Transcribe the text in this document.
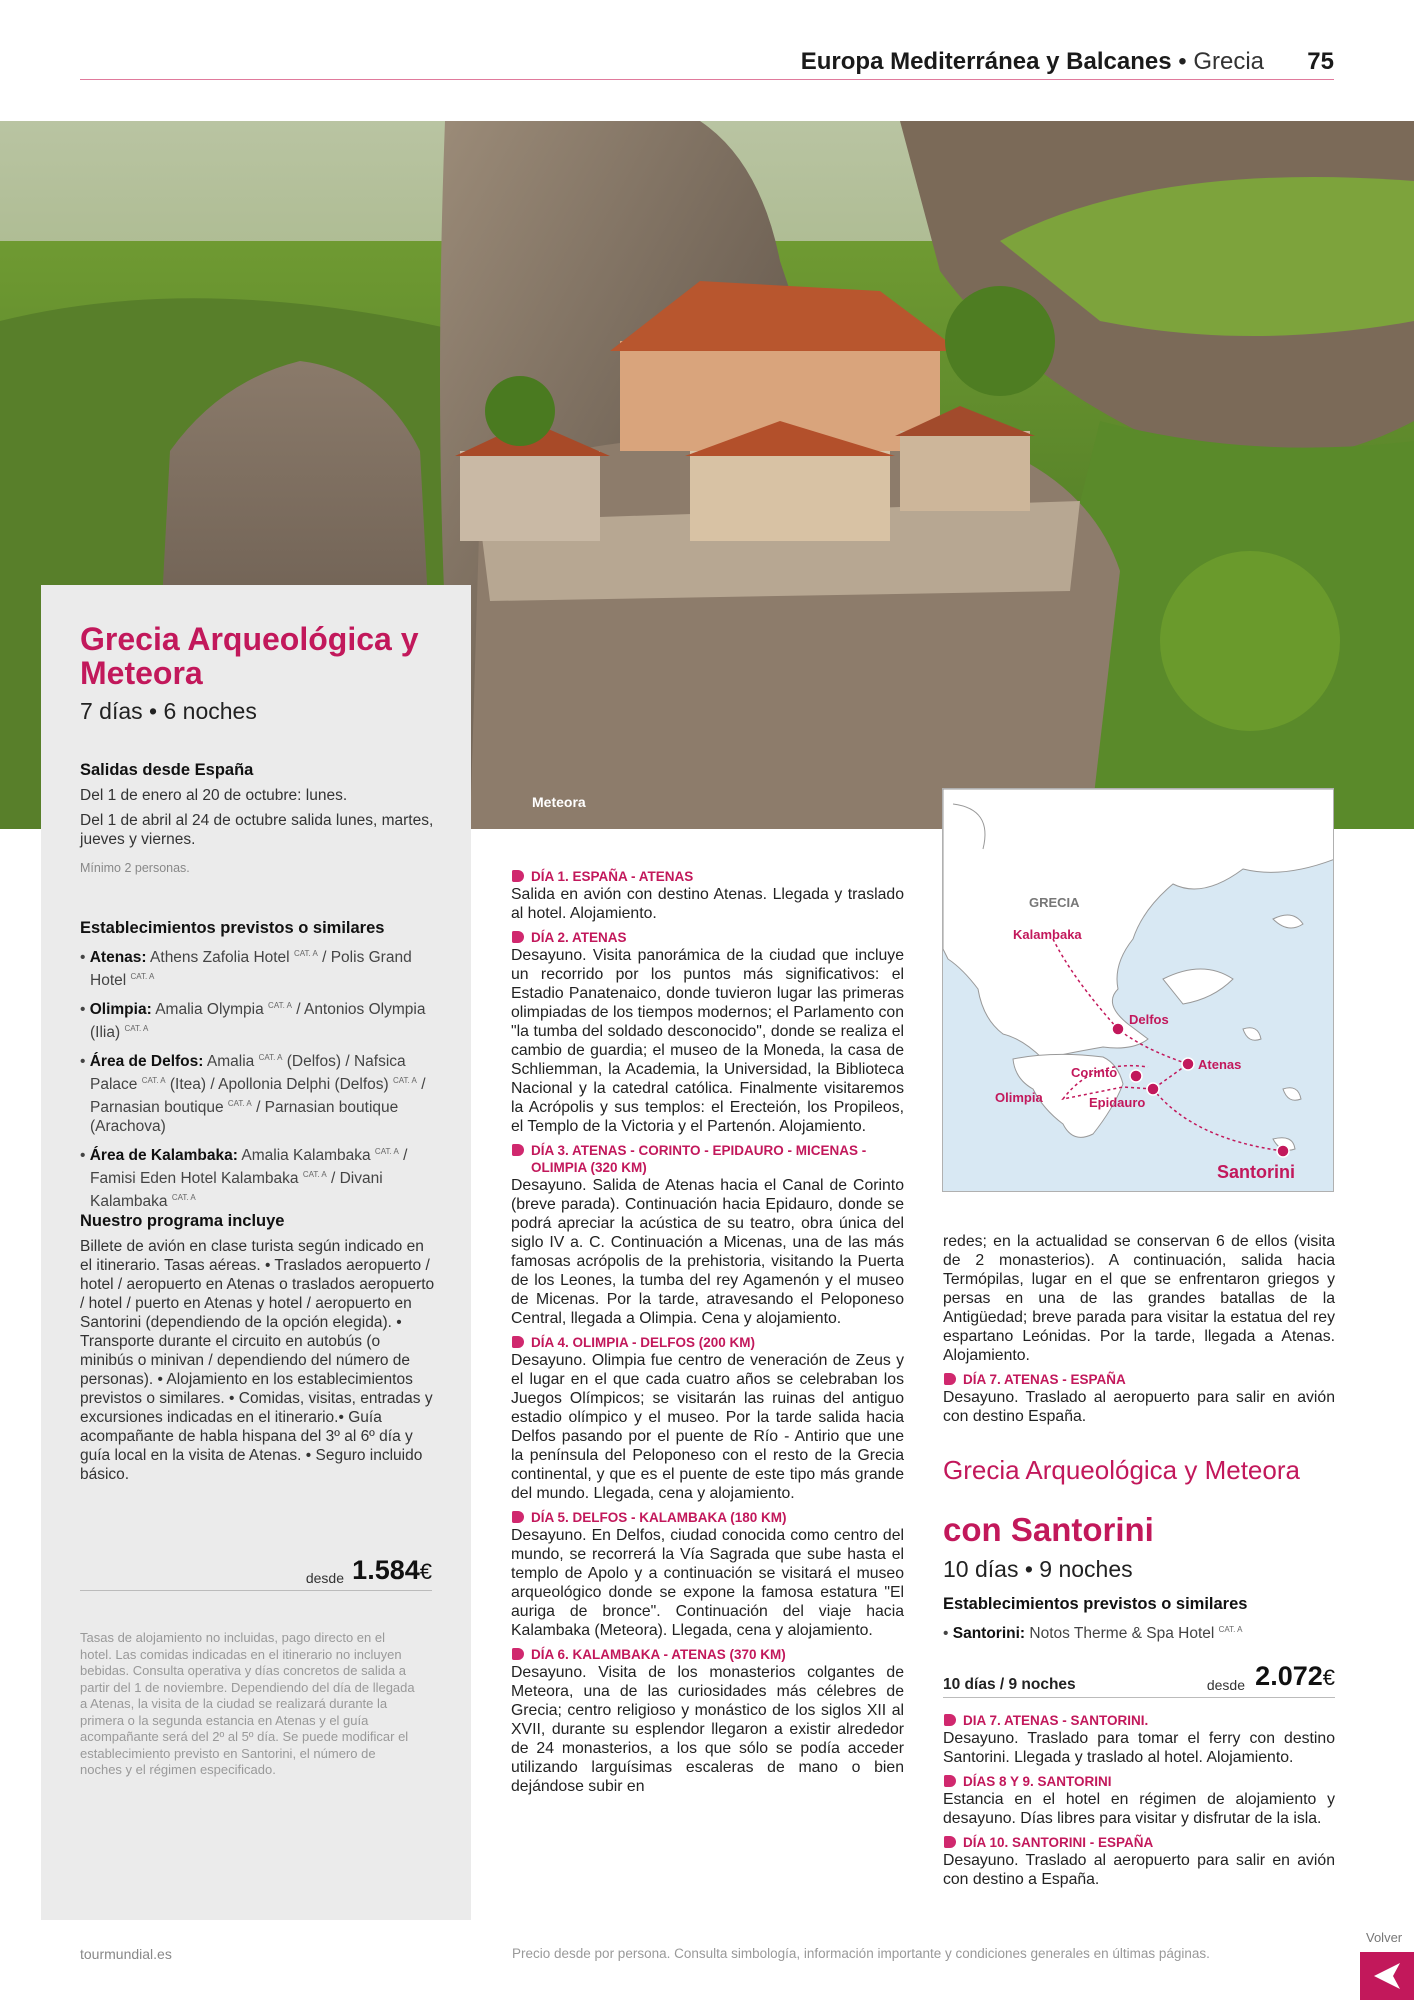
Europa Mediterránea y Balcanes • Grecia 75
Meteora
Grecia Arqueológica y Meteora
7 días • 6 noches
Salidas desde España
Del 1 de enero al 20 de octubre: lunes.
Del 1 de abril al 24 de octubre salida lunes, martes, jueves y viernes.
Mínimo 2 personas.
Establecimientos previstos o similares
• Atenas: Athens Zafolia Hotel $^{CAT. A}$ / Polis Grand Hotel $^{CAT. A}$
• Olimpia: Amalia Olympia $^{CAT. A}$ / Antonios Olympia (Ilia) $^{CAT. A}$
• Área de Delfos: Amalia $^{CAT. A}$ (Delfos) / Nafsica Palace $^{CAT. A}$ (Itea) / Apollonia Delphi (Delfos) $^{CAT. A}$ / Parnasian boutique $^{CAT. A}$ / Parnasian boutique (Arachova)
• Área de Kalambaka: Amalia Kalambaka $^{CAT. A}$ / Famisi Eden Hotel Kalambaka $^{CAT. A}$ / Divani Kalambaka $^{CAT. A}$
Nuestro programa incluye
Billete de avión en clase turista según indicado en el itinerario. Tasas aéreas. • Traslados aeropuerto / hotel / aeropuerto en Atenas o traslados aeropuerto / hotel / puerto en Atenas y hotel / aeropuerto en Santorini (dependiendo de la opción elegida). • Transporte durante el circuito en autobús (o minibús o minivan / dependiendo del número de personas). • Alojamiento en los establecimientos previstos o similares. • Comidas, visitas, entradas y excursiones indicadas en el itinerario.• Guía acompañante de habla hispana del 3º al 6º día y guía local en la visita de Atenas. • Seguro incluido básico.
desde 1.584€
Tasas de alojamiento no incluidas, pago directo en el hotel. Las comidas indicadas en el itinerario no incluyen bebidas. Consulta operativa y días concretos de salida a partir del 1 de noviembre. Dependiendo del día de llegada a Atenas, la visita de la ciudad se realizará durante la primera o la segunda estancia en Atenas y el guía acompañante será del 2º al 5º día. Se puede modificar el establecimiento previsto en Santorini, el número de noches y el régimen especificado.
DÍA 1. ESPAÑA - ATENAS
Salida en avión con destino Atenas. Llegada y traslado al hotel. Alojamiento.
DÍA 2. ATENAS
Desayuno. Visita panorámica de la ciudad que incluye un recorrido por los puntos más significativos: el Estadio Panatenaico, donde tuvieron lugar las primeras olimpiadas de los tiempos modernos; el Parlamento con "la tumba del soldado desconocido", donde se realiza el cambio de guardia; el museo de la Moneda, la casa de Schliemman, la Academia, la Universidad, la Biblioteca Nacional y la catedral católica. Finalmente visitaremos la Acrópolis y sus templos: el Erecteión, los Propileos, el Templo de la Victoria y el Partenón. Alojamiento.
DÍA 3. ATENAS - CORINTO - EPIDAURO - MICENAS - OLIMPIA (320 KM)
Desayuno. Salida de Atenas hacia el Canal de Corinto (breve parada). Continuación hacia Epidauro, donde se podrá apreciar la acústica de su teatro, obra única del siglo IV a. C. Continuación a Micenas, una de las más famosas acrópolis de la prehistoria, visitando la Puerta de los Leones, la tumba del rey Agamenón y el museo de Micenas. Por la tarde, atravesando el Peloponeso Central, llegada a Olimpia. Cena y alojamiento.
DÍA 4. OLIMPIA - DELFOS (200 KM)
Desayuno. Olimpia fue centro de veneración de Zeus y el lugar en el que cada cuatro años se celebraban los Juegos Olímpicos; se visitarán las ruinas del antiguo estadio olímpico y el museo. Por la tarde salida hacia Delfos pasando por el puente de Río - Antirio que une la península del Peloponeso con el resto de la Grecia continental, y que es el puente de este tipo más grande del mundo. Llegada, cena y alojamiento.
DÍA 5. DELFOS - KALAMBAKA (180 KM)
Desayuno. En Delfos, ciudad conocida como centro del mundo, se recorrerá la Vía Sagrada que sube hasta el templo de Apolo y a continuación se visitará el museo arqueológico donde se expone la famosa estatura "El auriga de bronce". Continuación del viaje hacia Kalambaka (Meteora). Llegada, cena y alojamiento.
DÍA 6. KALAMBAKA - ATENAS (370 KM)
Desayuno. Visita de los monasterios colgantes de Meteora, una de las curiosidades más célebres de Grecia; centro religioso y monástico de los siglos XII al XVII, durante su esplendor llegaron a existir alrededor de 24 monasterios, a los que sólo se podía acceder utilizando larguísimas escaleras de mano o bien dejándose subir en
GRECIA
Kalambaka
Delfos
Atenas
Corinto
Olimpia	Epidauro
Santorini
redes; en la actualidad se conservan 6 de ellos (visita de 2 monasterios). A continuación, salida hacia Termópilas, lugar en el que se enfrentaron griegos y persas en una de las grandes batallas de la Antigüedad; breve parada para visitar la estatua del rey espartano Leónidas. Por la tarde, llegada a Atenas. Alojamiento.
DÍA 7. ATENAS - ESPAÑA
Desayuno. Traslado al aeropuerto para salir en avión con destino España.
Grecia Arqueológica y Meteora
con Santorini
10 días • 9 noches
Establecimientos previstos o similares
• Santorini: Notos Therme & Spa Hotel $^{CAT. A}$
10 días / 9 noches	desde 2.072€
DIA 7. ATENAS - SANTORINI.
Desayuno. Traslado para tomar el ferry con destino Santorini. Llegada y traslado al hotel. Alojamiento.
DÍAS 8 Y 9. SANTORINI
Estancia en el hotel en régimen de alojamiento y desayuno. Días libres para visitar y disfrutar de la isla.
DÍA 10. SANTORINI - ESPAÑA
Desayuno. Traslado al aeropuerto para salir en avión con destino a España.
tourmundial.es	Precio desde por persona. Consulta simbología, información importante y condiciones generales en últimas páginas.
Volver
